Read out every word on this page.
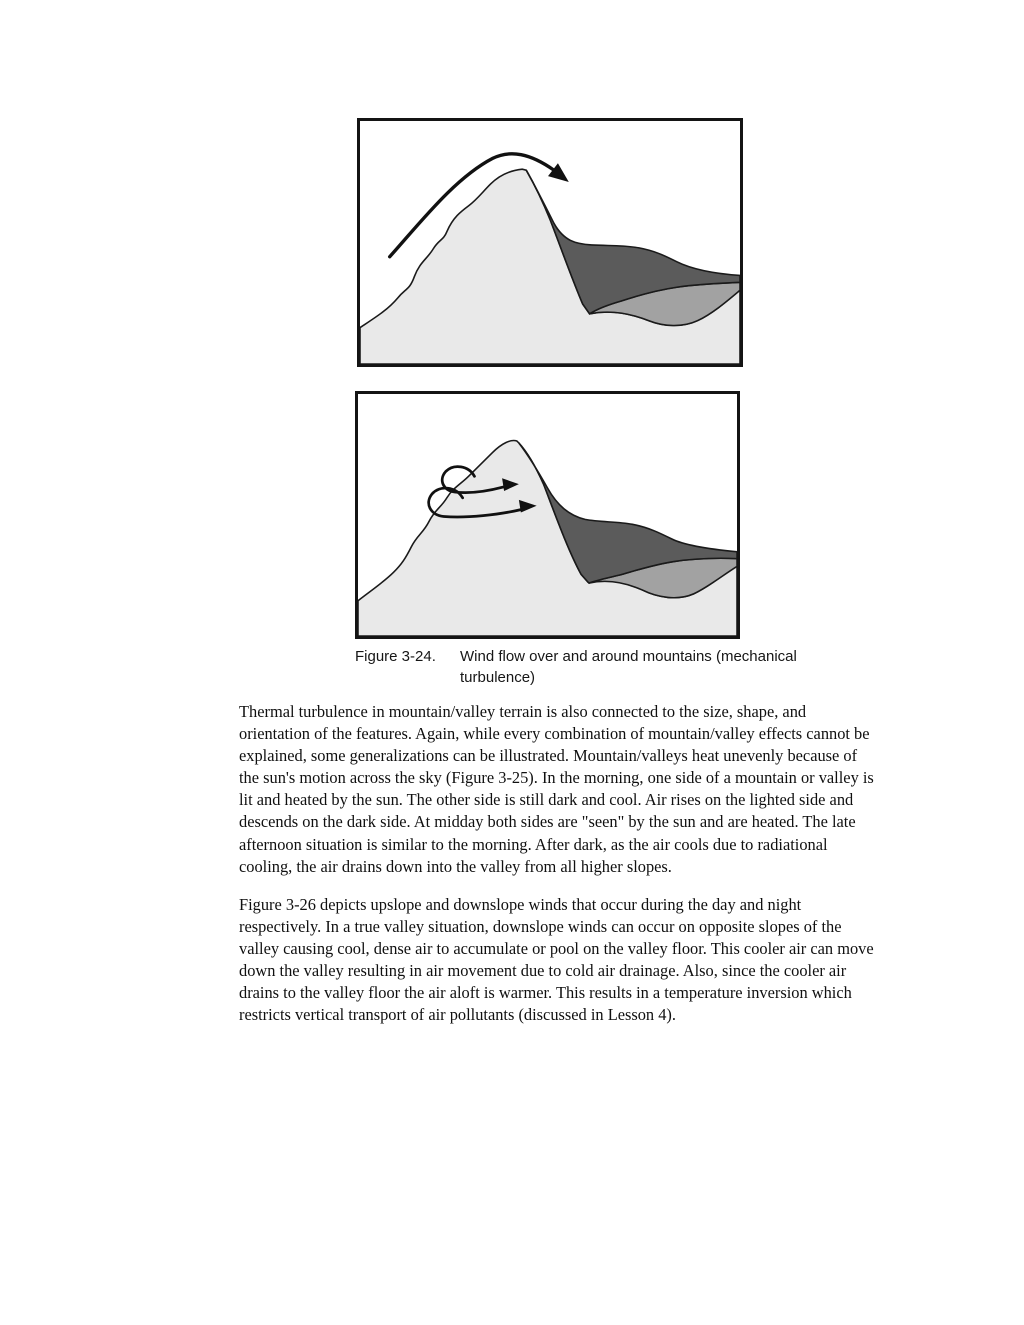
Figure 3-24.	Wind flow over and around mountains (mechanical turbulence)

Thermal turbulence in mountain/valley terrain is also connected to the size, shape, and orientation of the features. Again, while every combination of mountain/valley effects cannot be explained, some generalizations can be illustrated. Mountain/valleys heat unevenly because of the sun's motion across the sky (Figure 3-25). In the morning, one side of a mountain or valley is lit and heated by the sun. The other side is still dark and cool. Air rises on the lighted side and descends on the dark side. At midday both sides are "seen" by the sun and are heated. The late afternoon situation is similar to the morning. After dark, as the air cools due to radiational cooling, the air drains down into the valley from all higher slopes.

Figure 3-26 depicts upslope and downslope winds that occur during the day and night respectively. In a true valley situation, downslope winds can occur on opposite slopes of the valley causing cool, dense air to accumulate or pool on the valley floor. This cooler air can move down the valley resulting in air movement due to cold air drainage. Also, since the cooler air drains to the valley floor the air aloft is warmer. This results in a temperature inversion which restricts vertical transport of air pollutants (discussed in Lesson 4).
